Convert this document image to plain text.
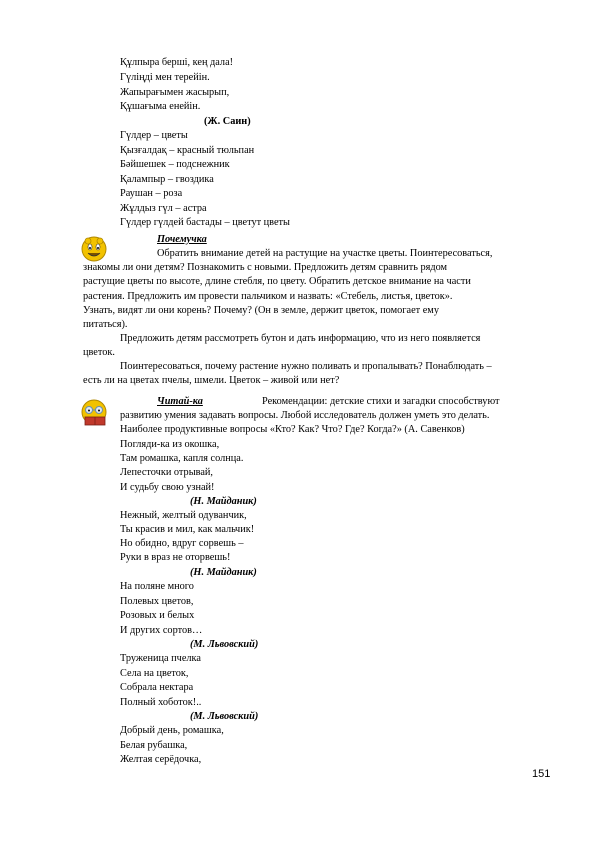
Құлпыра берші, кең дала!
Гүліңді мен терейін.
Жапырағымен жасырып,
Құшағыма енейін.
(Ж. Саин)
Гүлдер – цветы
Қызғалдақ – красный тюльпан
Бәйшешек – подснежник
Қалампыр – гвоздика
Раушан – роза
Жұлдыз гүл – астра
Гүлдер гүлдей бастады – цветут цветы
Почемучка
Обратить внимание детей на растущие на участке цветы. Поинтересоваться,
знакомы ли они детям? Познакомить с новыми. Предложить детям сравнить рядом
растущие цветы по высоте, длине стебля, по цвету. Обратить детское внимание на части
растения. Предложить им провести пальчиком и назвать: «Стебель, листья, цветок».
Узнать, видят ли они корень? Почему? (Он в земле, держит цветок, помогает ему
питаться).
Предложить детям рассмотреть бутон и дать информацию, что из него появляется
цветок.
Поинтересоваться, почему растение нужно поливать и пропалывать? Понаблюдать –
есть ли на цветах пчелы, шмели. Цветок – живой или нет?
Читай-ка	Рекомендации: детские стихи и загадки способствуют
развитию умения задавать вопросы. Любой исследователь должен уметь это делать.
Наиболее продуктивные вопросы «Кто? Как? Что? Где? Когда?» (А. Савенков)
Погляди-ка из окошка,
Там ромашка, капля солнца.
Лепесточки отрывай,
И судьбу свою узнай!
(Н. Майданик)
Нежный, желтый одуванчик,
Ты красив и мил, как мальчик!
Но обидно, вдруг сорвешь –
Руки в враз не оторвешь!
(Н. Майданик)
На поляне много
Полевых цветов,
Розовых и белых
И других сортов…
(М. Львовский)
Труженица пчелка
Села на цветок,
Собрала нектара
Полный хоботок!..
(М. Львовский)
Добрый день, ромашка,
Белая рубашка,
Желтая серёдочка,
151
